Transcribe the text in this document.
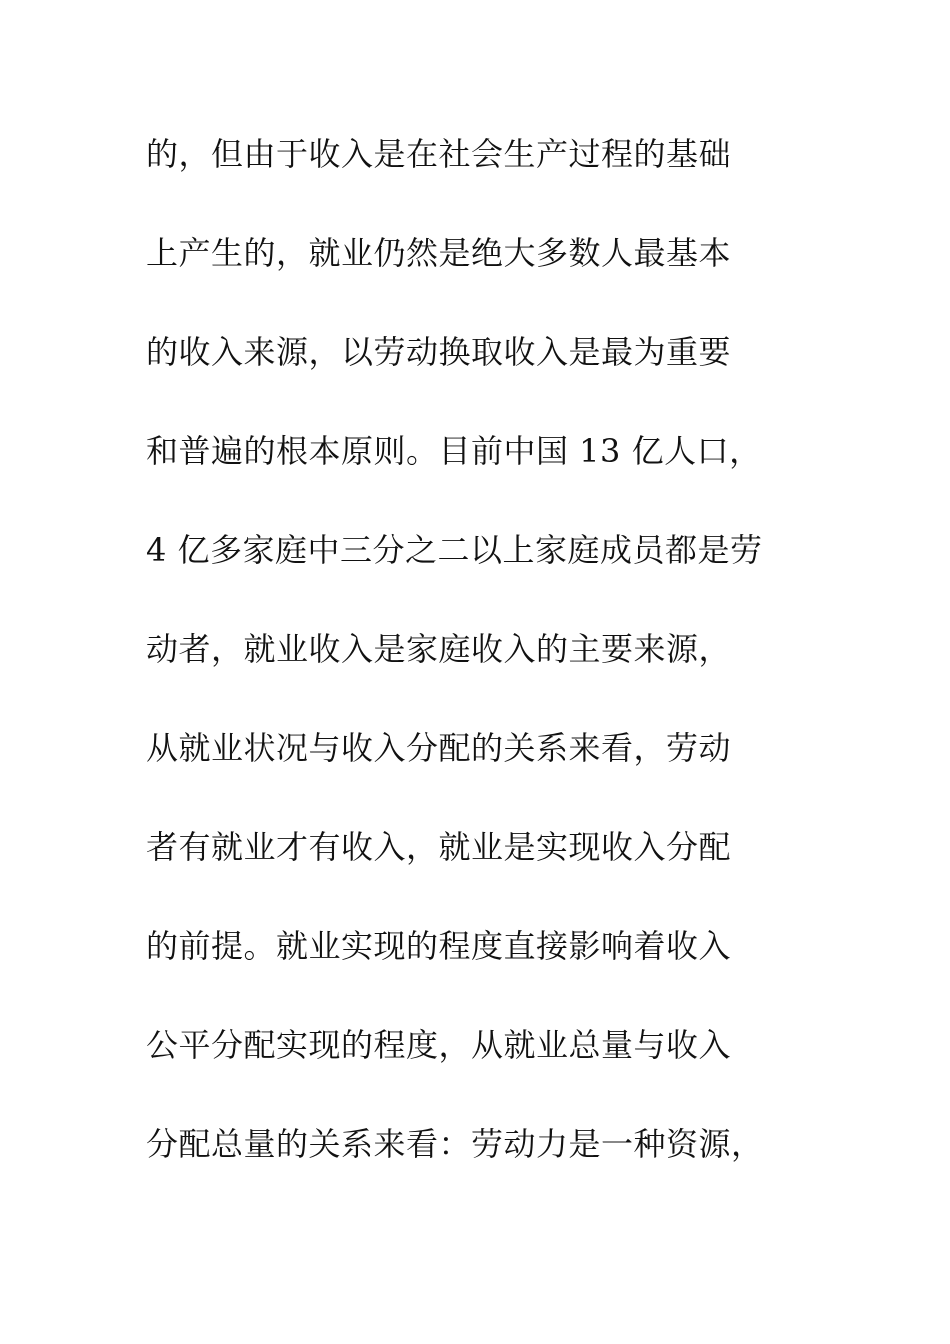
的，但由于收入是在社会生产过程的基础
上产生的，就业仍然是绝大多数人最基本
的收入来源，以劳动换取收入是最为重要
和普遍的根本原则。目前中国 13 亿人口，
4 亿多家庭中三分之二以上家庭成员都是劳
动者，就业收入是家庭收入的主要来源，
从就业状况与收入分配的关系来看，劳动
者有就业才有收入，就业是实现收入分配
的前提。就业实现的程度直接影响着收入
公平分配实现的程度，从就业总量与收入
分配总量的关系来看：劳动力是一种资源，
